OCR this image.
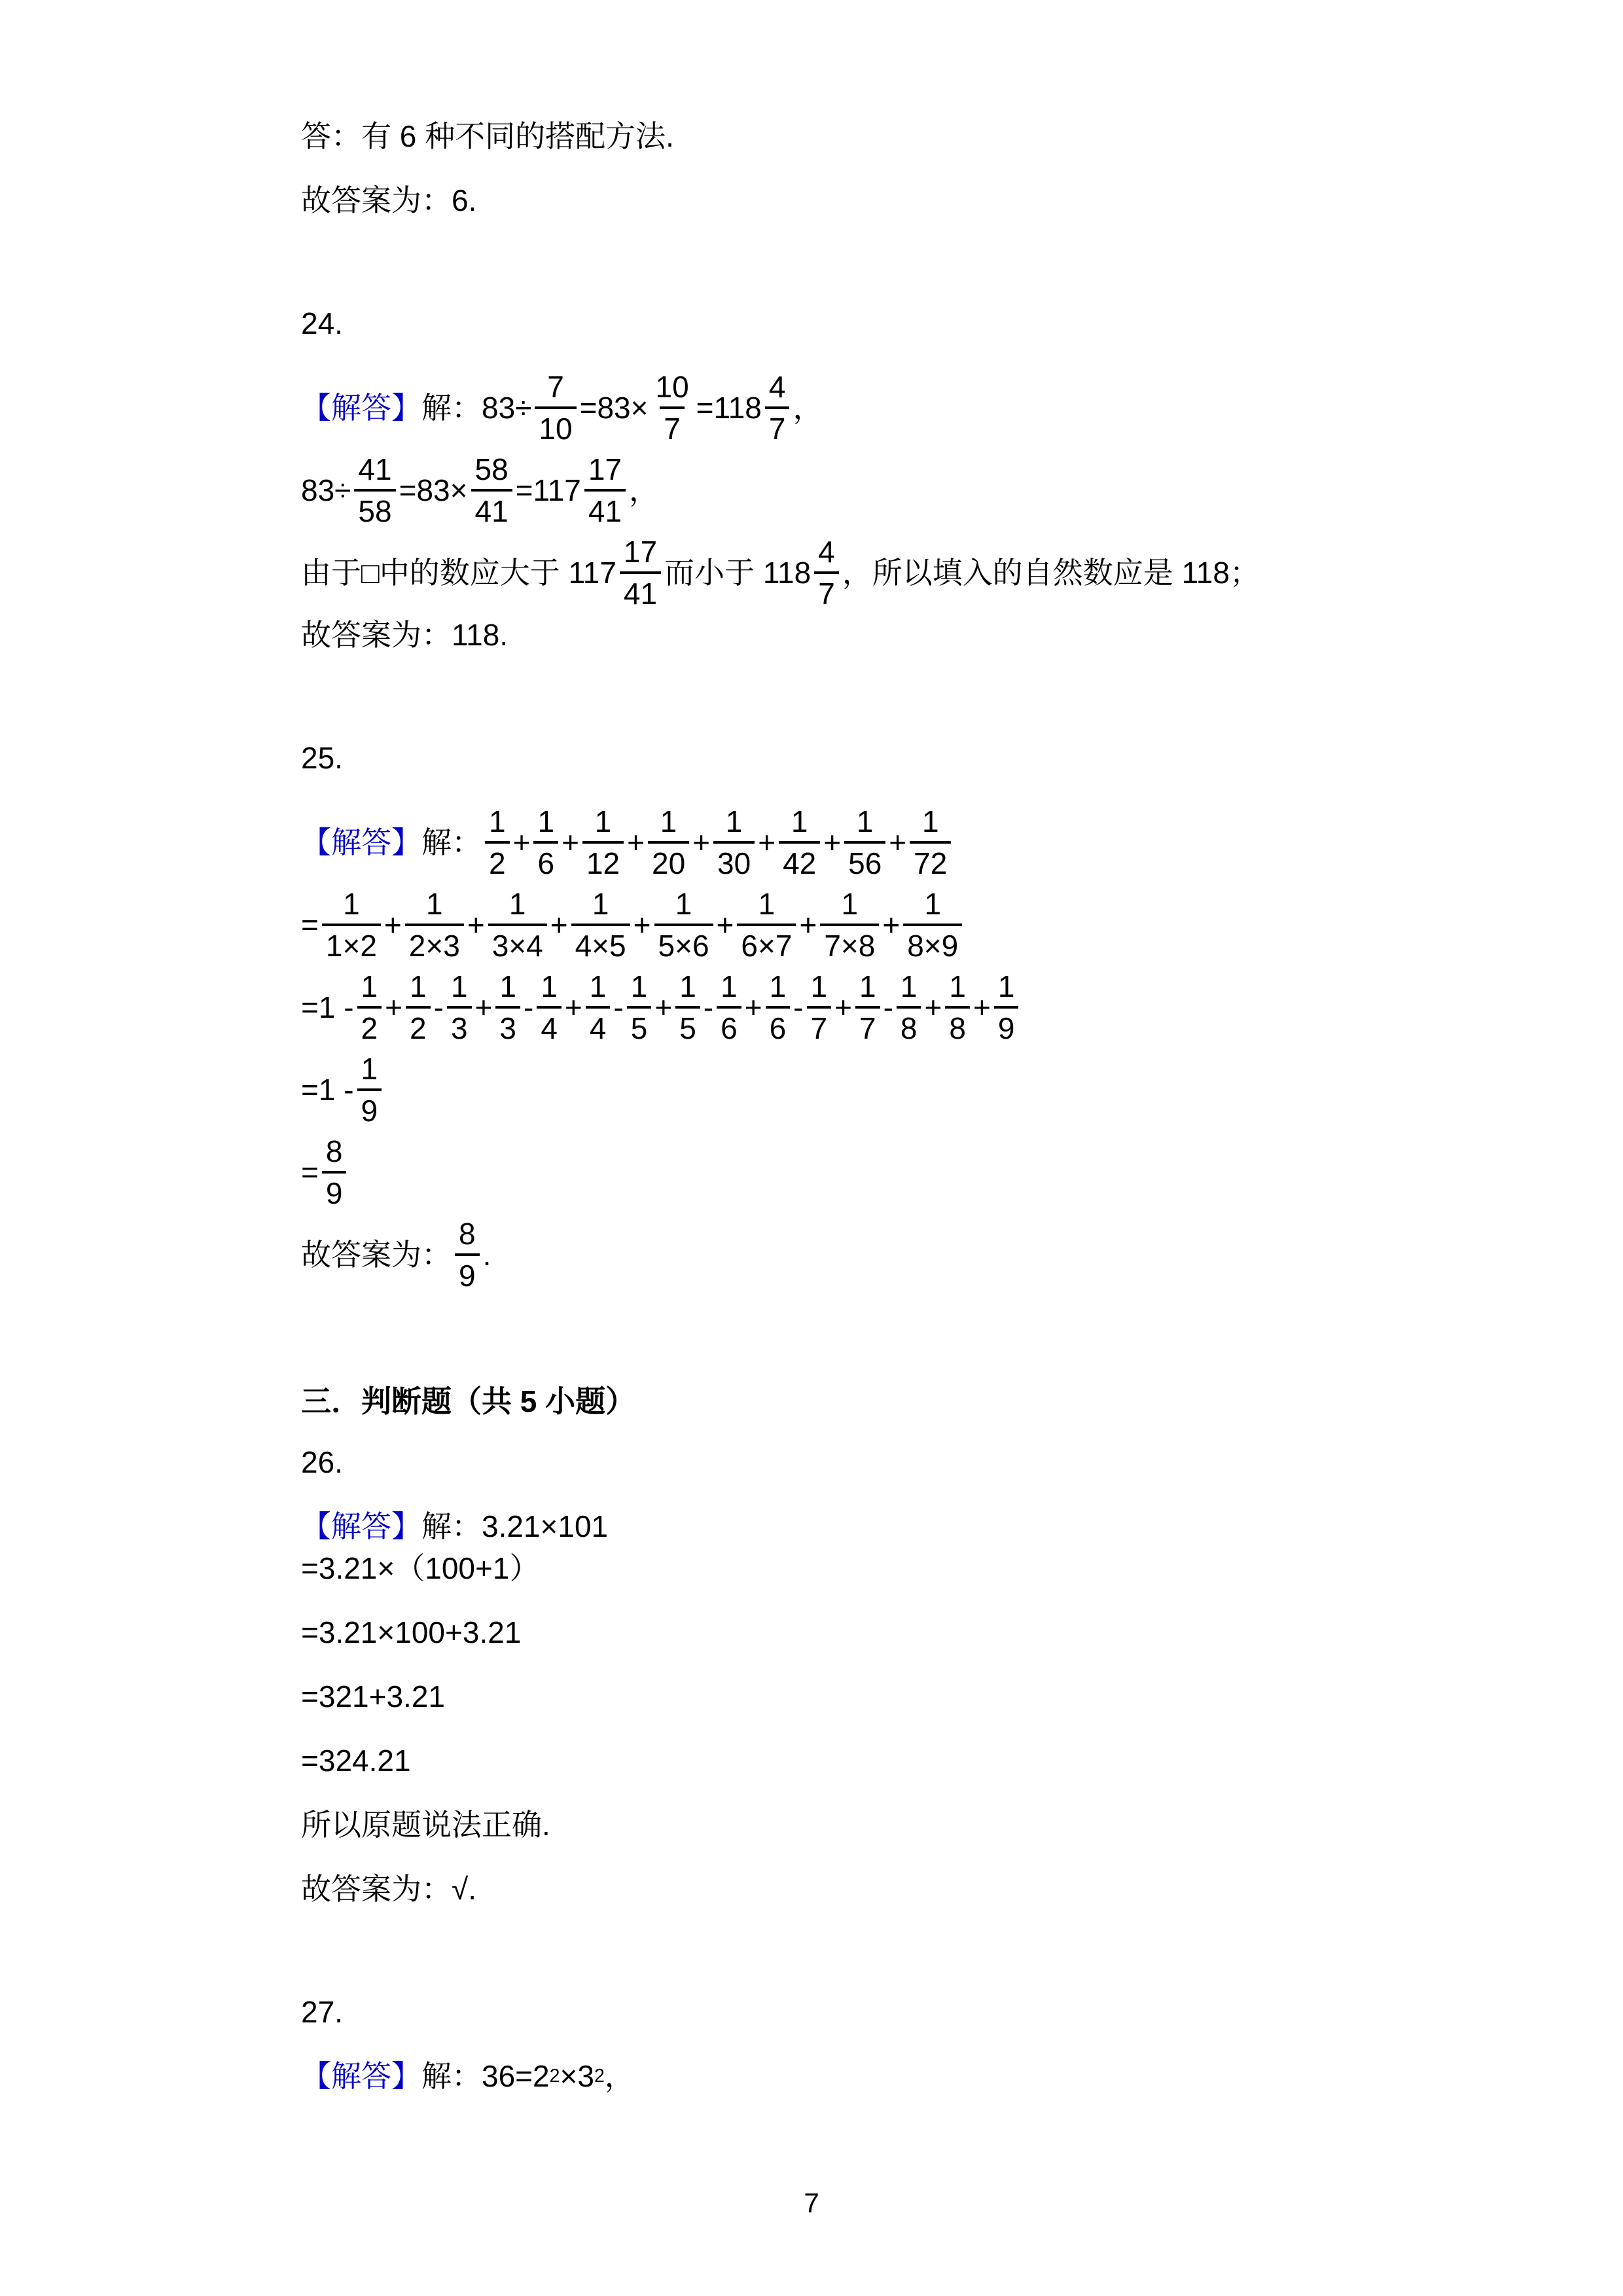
答：有 6 种不同的搭配方法.
故答案为：6.
24.
【解答】 解：$83\div \frac{7}{10} =83\times \frac{10}{7} =118 \frac{4}{7}$ ，
$83\div \frac{41}{58} =83\times \frac{58}{41} =117 \frac{17}{41}$ ，
由于□中的数应大于 $117 \frac{17}{41}$ 而小于 $118 \frac{4}{7}$ ，所以填入的自然数应是 118；
故答案为：118.
25.
【解答】 解： $\frac{1}{2} + \frac{1}{6} + \frac{1}{12} + \frac{1}{20} + \frac{1}{30} + \frac{1}{42} + \frac{1}{56} + \frac{1}{72}$
= $\frac{1}{1\times 2} + \frac{1}{2\times 3} + \frac{1}{3\times 4} + \frac{1}{4\times 5} + \frac{1}{5\times 6} + \frac{1}{6\times 7} + \frac{1}{7\times 8} + \frac{1}{8\times 9}$
$=1 - \frac{1}{2} + \frac{1}{2} - \frac{1}{3} + \frac{1}{3} - \frac{1}{4} + \frac{1}{4} - \frac{1}{5} + \frac{1}{5} - \frac{1}{6} + \frac{1}{6} - \frac{1}{7} + \frac{1}{7} - \frac{1}{8} + \frac{1}{8} + \frac{1}{9}$
$=1 - \frac{1}{9}$
= $\frac{8}{9}$
故答案为： $\frac{8}{9}$ .
三．判断题（共 5 小题）
26.
【解答】 解：3.21×101
=3.21×（100+1）
=3.21×100+3.21
=321+3.21
=324.21
所以原题说法正确.
故答案为：√.
27.
【解答】 解：36=2 2 ×3 2 ，
7
